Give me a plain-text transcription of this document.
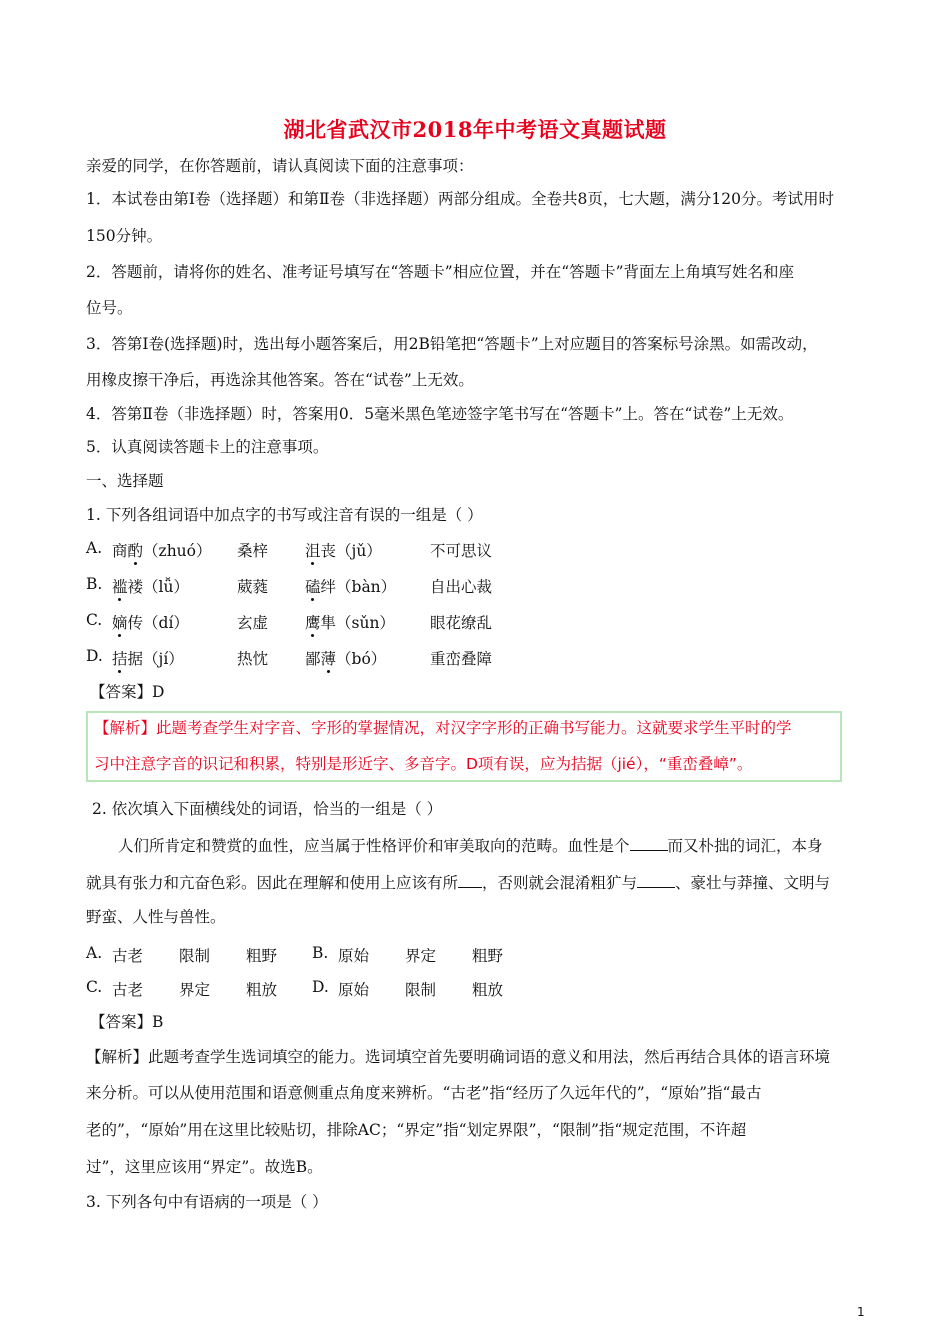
湖北省武汉市2018年中考语文真题试题
亲爱的同学，在你答题前，请认真阅读下面的注意事项：
1．本试卷由第Ⅰ卷（选择题）和第Ⅱ卷（非选择题）两部分组成。全卷共8页，七大题，满分120分。考试用时
150分钟。
2．答题前，请将你的姓名、准考证号填写在“答题卡”相应位置，并在“答题卡”背面左上角填写姓名和座
位号。
3．答第Ⅰ卷(选择题)时，选出每小题答案后，用2B铅笔把“答题卡”上对应题目的答案标号涂黑。如需改动，
用橡皮擦干净后，再选涂其他答案。答在“试卷”上无效。
4．答第Ⅱ卷（非选择题）时，答案用0．5毫米黑色笔迹签字笔书写在“答题卡”上。答在“试卷”上无效。
5．认真阅读答题卡上的注意事项。
一、选择题
1. 下列各组词语中加点字的书写或注音有误的一组是（ ）
A. 商酌（zhuó） 桑梓 沮丧（jǔ）	不可思议
B. 褴褛（lǚ）	葳蕤 磕绊（bàn） 自出心裁
C. 嫡传（dí）	玄虚 鹰隼（sǔn） 眼花缭乱
D. 拮据（jí）	热忱 鄙薄（bó）	重峦叠障
【答案】D
【解析】此题考查学生对字音、字形的掌握情况，对汉字字形的正确书写能力。这就要求学生平时的学
习中注意字音的识记和积累，特别是形近字、多音字。D项有误，应为拮据（jié），“重峦叠嶂”。
2. 依次填入下面横线处的词语，恰当的一组是（ ）
人们所肯定和赞赏的血性，应当属于性格评价和审美取向的范畴。血性是个 而又朴拙的词汇，本身
就具有张力和亢奋色彩。因此在理解和使用上应该有所 ，否则就会混淆粗犷与 、豪壮与莽撞、文明与
野蛮、人性与兽性。
A. 古老 限制 粗野 B. 原始 界定 粗野
C. 古老 界定 粗放 D. 原始 限制 粗放
【答案】B
【解析】此题考查学生选词填空的能力。选词填空首先要明确词语的意义和用法，然后再结合具体的语言环境
来分析。可以从使用范围和语意侧重点角度来辨析。“古老”指“经历了久远年代的”，“原始”指“最古
老的”，“原始”用在这里比较贴切，排除AC；“界定”指“划定界限”，“限制”指“规定范围，不许超
过”，这里应该用“界定”。故选B。
3. 下列各句中有语病的一项是（ ）
1
